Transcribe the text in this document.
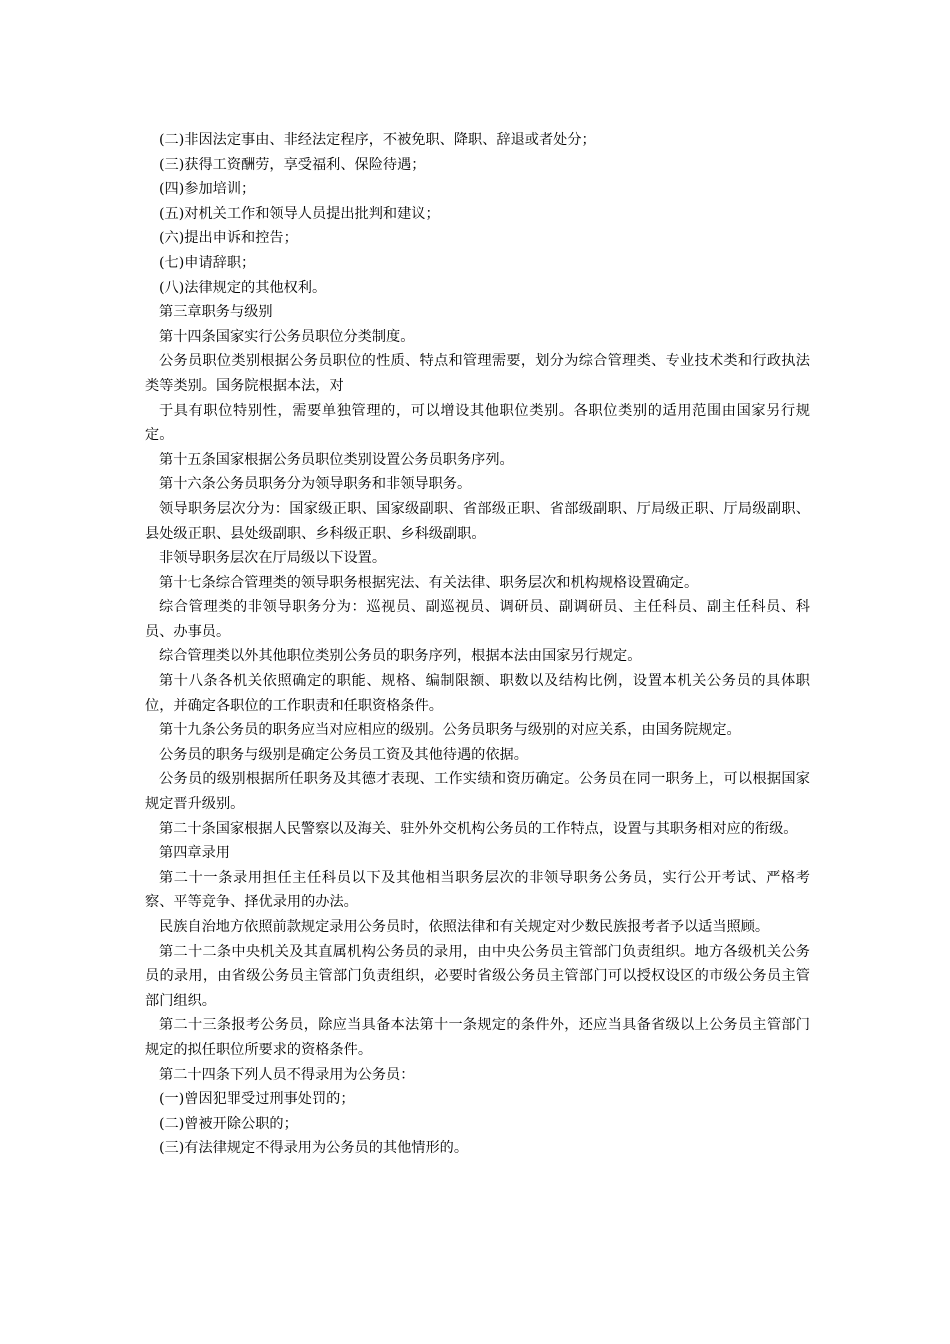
(二)非因法定事由、非经法定程序，不被免职、降职、辞退或者处分；

(三)获得工资酬劳，享受福利、保险待遇；

(四)参加培训；

(五)对机关工作和领导人员提出批判和建议；

(六)提出申诉和控告；

(七)申请辞职；

(八)法律规定的其他权利。

第三章职务与级别

第十四条国家实行公务员职位分类制度。

公务员职位类别根据公务员职位的性质、特点和管理需要，划分为综合管理类、专业技术类和行政执法类等类别。国务院根据本法，对

于具有职位特别性，需要单独管理的，可以增设其他职位类别。各职位类别的适用范围由国家另行规定。

第十五条国家根据公务员职位类别设置公务员职务序列。

第十六条公务员职务分为领导职务和非领导职务。

领导职务层次分为：国家级正职、国家级副职、省部级正职、省部级副职、厅局级正职、厅局级副职、县处级正职、县处级副职、乡科级正职、乡科级副职。

非领导职务层次在厅局级以下设置。

第十七条综合管理类的领导职务根据宪法、有关法律、职务层次和机构规格设置确定。

综合管理类的非领导职务分为：巡视员、副巡视员、调研员、副调研员、主任科员、副主任科员、科员、办事员。

综合管理类以外其他职位类别公务员的职务序列，根据本法由国家另行规定。

第十八条各机关依照确定的职能、规格、编制限额、职数以及结构比例，设置本机关公务员的具体职位，并确定各职位的工作职责和任职资格条件。

第十九条公务员的职务应当对应相应的级别。公务员职务与级别的对应关系，由国务院规定。

公务员的职务与级别是确定公务员工资及其他待遇的依据。

公务员的级别根据所任职务及其德才表现、工作实绩和资历确定。公务员在同一职务上，可以根据国家规定晋升级别。

第二十条国家根据人民警察以及海关、驻外外交机构公务员的工作特点，设置与其职务相对应的衔级。

第四章录用

第二十一条录用担任主任科员以下及其他相当职务层次的非领导职务公务员，实行公开考试、严格考察、平等竞争、择优录用的办法。

民族自治地方依照前款规定录用公务员时，依照法律和有关规定对少数民族报考者予以适当照顾。

第二十二条中央机关及其直属机构公务员的录用，由中央公务员主管部门负责组织。地方各级机关公务员的录用，由省级公务员主管部门负责组织，必要时省级公务员主管部门可以授权设区的市级公务员主管部门组织。

第二十三条报考公务员，除应当具备本法第十一条规定的条件外，还应当具备省级以上公务员主管部门规定的拟任职位所要求的资格条件。

第二十四条下列人员不得录用为公务员：

(一)曾因犯罪受过刑事处罚的；

(二)曾被开除公职的；

(三)有法律规定不得录用为公务员的其他情形的。
